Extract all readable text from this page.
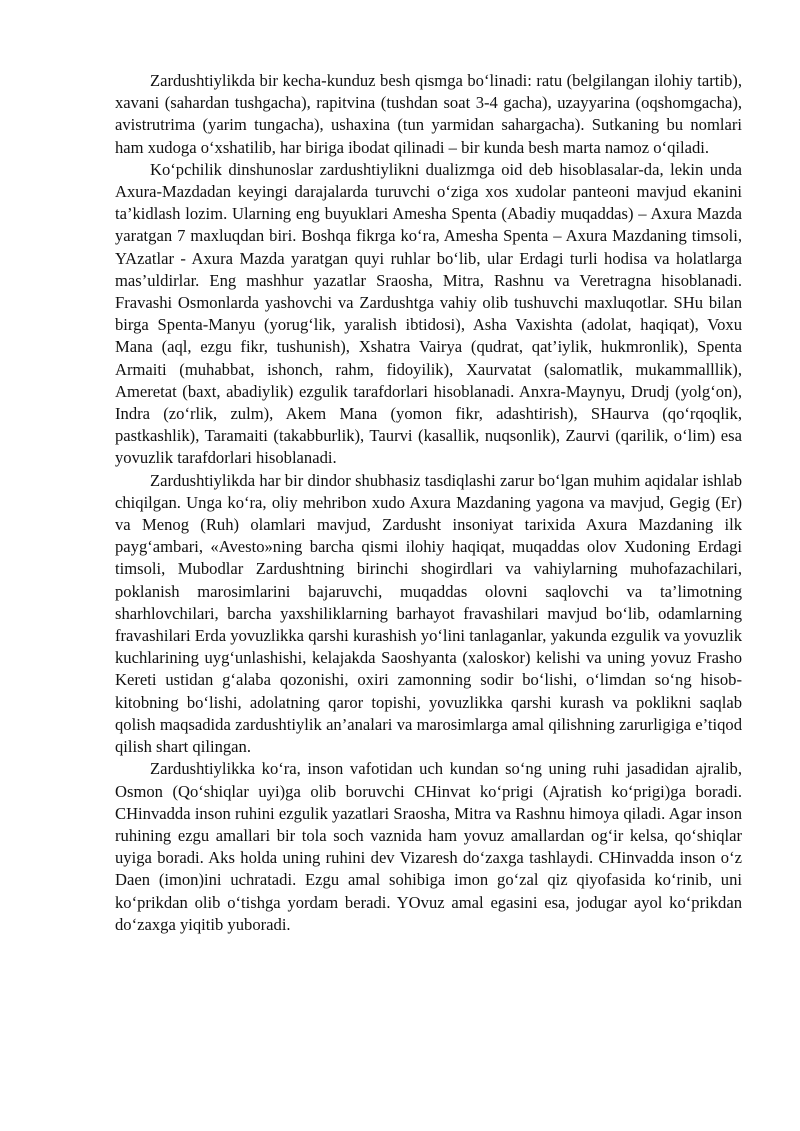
Zardushtiylikda bir kecha-kunduz besh qismga bo‘linadi: ratu (belgilangan ilohiy tartib), xavani (sahardan tushgacha), rapitvina (tushdan soat 3-4 gacha), uzayyarina (oqshomgacha), avistrutrima (yarim tungacha), ushaxina (tun yarmidan sahargacha). Sutkaning bu nomlari ham xudoga o‘xshatilib, har biriga ibodat qilinadi – bir kunda besh marta namoz o‘qiladi.

Ko‘pchilik dinshunoslar zardushtiylikni dualizmga oid deb hisoblasalar-da, lekin unda Axura-Mazdadan keyingi darajalarda turuvchi o‘ziga xos xudolar panteoni mavjud ekanini ta’kidlash lozim. Ularning eng buyuklari Amesha Spenta (Abadiy muqaddas) – Axura Mazda yaratgan 7 maxluqdan biri. Boshqa fikrga ko‘ra, Amesha Spenta – Axura Mazdaning timsoli, YAzatlar - Axura Mazda yaratgan quyi ruhlar bo‘lib, ular Erdagi turli hodisa va holatlarga mas’uldirlar. Eng mashhur yazatlar Sraosha, Mitra, Rashnu va Veretragna hisoblanadi. Fravashi Osmonlarda yashovchi va Zardushtga vahiy olib tushuvchi maxluqotlar. SHu bilan birga Spenta-Manyu (yorug‘lik, yaralish ibtidosi), Asha Vaxishta (adolat, haqiqat), Voxu Mana (aql, ezgu fikr, tushunish), Xshatra Vairya (qudrat, qat’iylik, hukmronlik), Spenta Armaiti (muhabbat, ishonch, rahm, fidoyilik), Xaurvatat (salomatlik, mukammalllik), Ameretat (baxt, abadiylik) ezgulik tarafdorlari hisoblanadi. Anxra-Maynyu, Drudj (yolg‘on), Indra (zo‘rlik, zulm), Akem Mana (yomon fikr, adashtirish), SHaurva (qo‘rqoqlik, pastkashlik), Taramaiti (takabburlik), Taurvi (kasallik, nuqsonlik), Zaurvi (qarilik, o‘lim) esa yovuzlik tarafdorlari hisoblanadi.

Zardushtiylikda har bir dindor shubhasiz tasdiqlashi zarur bo‘lgan muhim aqidalar ishlab chiqilgan. Unga ko‘ra, oliy mehribon xudo Axura Mazdaning yagona va mavjud, Gegig (Er) va Menog (Ruh) olamlari mavjud, Zardusht insoniyat tarixida Axura Mazdaning ilk payg‘ambari, «Avesto»ning barcha qismi ilohiy haqiqat, muqaddas olov Xudoning Erdagi timsoli, Mubodlar Zardushtning birinchi shogirdlari va vahiylarning muhofazachilari, poklanish marosimlarini bajaruvchi, muqaddas olovni saqlovchi va ta’limotning sharhlovchilari, barcha yaxshiliklarning barhayot fravashilari mavjud bo‘lib, odamlarning fravashilari Erda yovuzlikka qarshi kurashish yo‘lini tanlaganlar, yakunda ezgulik va yovuzlik kuchlarining uyg‘unlashishi, kelajakda Saoshyanta (xaloskor) kelishi va uning yovuz Frasho Kereti ustidan g‘alaba qozonishi, oxiri zamonning sodir bo‘lishi, o‘limdan so‘ng hisob-kitobning bo‘lishi, adolatning qaror topishi, yovuzlikka qarshi kurash va poklikni saqlab qolish maqsadida zardushtiylik an’analari va marosimlarga amal qilishning zarurligiga e’tiqod qilish shart qilingan.

Zardushtiylikka ko‘ra, inson vafotidan uch kundan so‘ng uning ruhi jasadidan ajralib, Osmon (Qo‘shiqlar uyi)ga olib boruvchi CHinvat ko‘prigi (Ajratish ko‘prigi)ga boradi. CHinvadda inson ruhini ezgulik yazatlari Sraosha, Mitra va Rashnu himoya qiladi. Agar inson ruhining ezgu amallari bir tola soch vaznida ham yovuz amallardan og‘ir kelsa, qo‘shiqlar uyiga boradi. Aks holda uning ruhini dev Vizaresh do‘zaxga tashlaydi. CHinvadda inson o‘z Daen (imon)ini uchratadi. Ezgu amal sohibiga imon go‘zal qiz qiyofasida ko‘rinib, uni ko‘prikdan olib o‘tishga yordam beradi. YOvuz amal egasini esa, jodugar ayol ko‘prikdan do‘zaxga yiqitib yuboradi.
